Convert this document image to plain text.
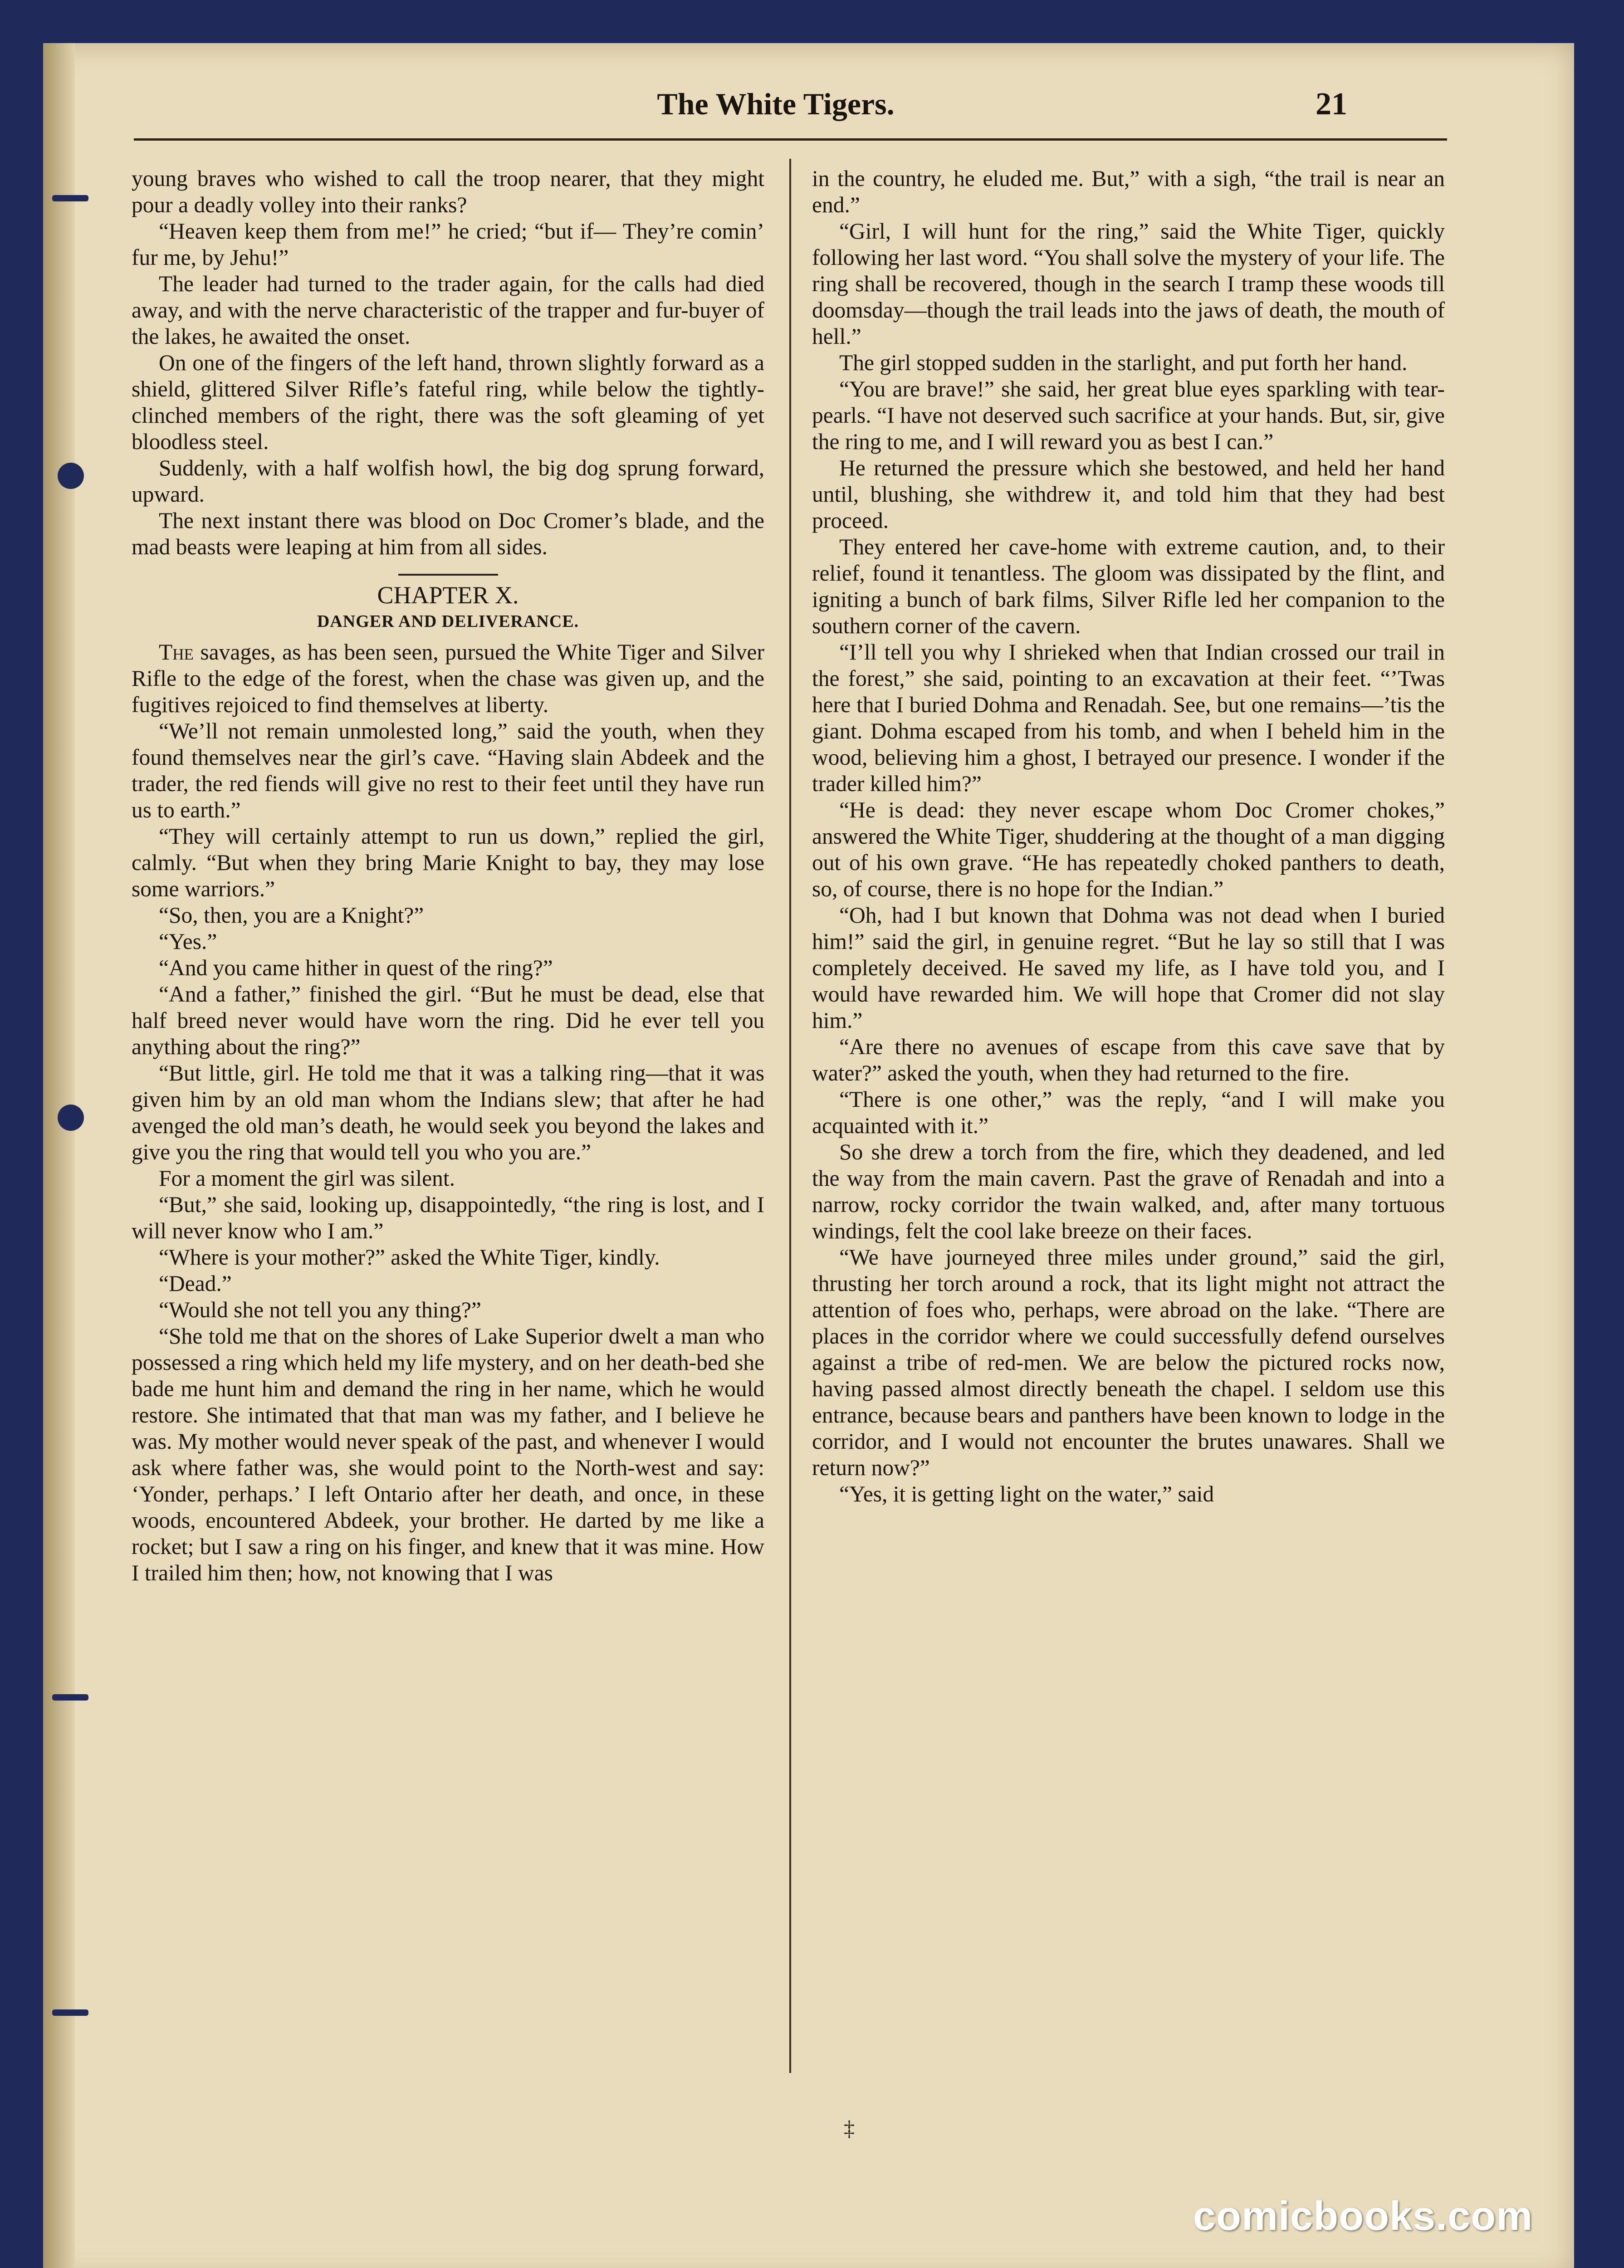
The White Tigers.	21

young braves who wished to call the troop nearer, that they might pour a deadly volley into their ranks?

“Heaven keep them from me!” he cried; “but if— They’re comin’ fur me, by Jehu!”

The leader had turned to the trader again, for the calls had died away, and with the nerve characteristic of the trapper and fur-buyer of the lakes, he awaited the onset.

On one of the fingers of the left hand, thrown slightly forward as a shield, glittered Silver Rifle’s fateful ring, while below the tightly-clinched members of the right, there was the soft gleaming of yet bloodless steel.

Suddenly, with a half wolfish howl, the big dog sprung forward, upward.

The next instant there was blood on Doc Cromer’s blade, and the mad beasts were leaping at him from all sides.

CHAPTER X.

DANGER AND DELIVERANCE.

The savages, as has been seen, pursued the White Tiger and Silver Rifle to the edge of the forest, when the chase was given up, and the fugitives rejoiced to find themselves at liberty.

“We’ll not remain unmolested long,” said the youth, when they found themselves near the girl’s cave. “Having slain Abdeek and the trader, the red fiends will give no rest to their feet until they have run us to earth.”

“They will certainly attempt to run us down,” replied the girl, calmly. “But when they bring Marie Knight to bay, they may lose some warriors.”

“So, then, you are a Knight?”

“Yes.”

“And you came hither in quest of the ring?”

“And a father,” finished the girl. “But he must be dead, else that half breed never would have worn the ring. Did he ever tell you anything about the ring?”

“But little, girl. He told me that it was a talking ring—that it was given him by an old man whom the Indians slew; that after he had avenged the old man’s death, he would seek you beyond the lakes and give you the ring that would tell you who you are.”

For a moment the girl was silent.

“But,” she said, looking up, disappointedly, “the ring is lost, and I will never know who I am.”

“Where is your mother?” asked the White Tiger, kindly.

“Dead.”

“Would she not tell you any thing?”

“She told me that on the shores of Lake Superior dwelt a man who possessed a ring which held my life mystery, and on her death-bed she bade me hunt him and demand the ring in her name, which he would restore. She intimated that that man was my father, and I believe he was. My mother would never speak of the past, and whenever I would ask where father was, she would point to the North-west and say: ‘Yonder, perhaps.’ I left Ontario after her death, and once, in these woods, encountered Abdeek, your brother. He darted by me like a rocket; but I saw a ring on his finger, and knew that it was mine. How I trailed him then; how, not knowing that I was

in the country, he eluded me. But,” with a sigh, “the trail is near an end.”

“Girl, I will hunt for the ring,” said the White Tiger, quickly following her last word. “You shall solve the mystery of your life. The ring shall be recovered, though in the search I tramp these woods till doomsday—though the trail leads into the jaws of death, the mouth of hell.”

The girl stopped sudden in the starlight, and put forth her hand.

“You are brave!” she said, her great blue eyes sparkling with tear-pearls. “I have not deserved such sacrifice at your hands. But, sir, give the ring to me, and I will reward you as best I can.”

He returned the pressure which she bestowed, and held her hand until, blushing, she withdrew it, and told him that they had best proceed.

They entered her cave-home with extreme caution, and, to their relief, found it tenantless. The gloom was dissipated by the flint, and igniting a bunch of bark films, Silver Rifle led her companion to the southern corner of the cavern.

“I’ll tell you why I shrieked when that Indian crossed our trail in the forest,” she said, pointing to an excavation at their feet. “’Twas here that I buried Dohma and Renadah. See, but one remains—’tis the giant. Dohma escaped from his tomb, and when I beheld him in the wood, believing him a ghost, I betrayed our presence. I wonder if the trader killed him?”

“He is dead: they never escape whom Doc Cromer chokes,” answered the White Tiger, shuddering at the thought of a man digging out of his own grave. “He has repeatedly choked panthers to death, so, of course, there is no hope for the Indian.”

“Oh, had I but known that Dohma was not dead when I buried him!” said the girl, in genuine regret. “But he lay so still that I was completely deceived. He saved my life, as I have told you, and I would have rewarded him. We will hope that Cromer did not slay him.”

“Are there no avenues of escape from this cave save that by water?” asked the youth, when they had returned to the fire.

“There is one other,” was the reply, “and I will make you acquainted with it.”

So she drew a torch from the fire, which they deadened, and led the way from the main cavern. Past the grave of Renadah and into a narrow, rocky corridor the twain walked, and, after many tortuous windings, felt the cool lake breeze on their faces.

“We have journeyed three miles under ground,” said the girl, thrusting her torch around a rock, that its light might not attract the attention of foes who, perhaps, were abroad on the lake. “There are places in the corridor where we could successfully defend ourselves against a tribe of red-men. We are below the pictured rocks now, having passed almost directly beneath the chapel. I seldom use this entrance, because bears and panthers have been known to lodge in the corridor, and I would not encounter the brutes unawares. Shall we return now?”

“Yes, it is getting light on the water,” said

‡
comicbooks.com
